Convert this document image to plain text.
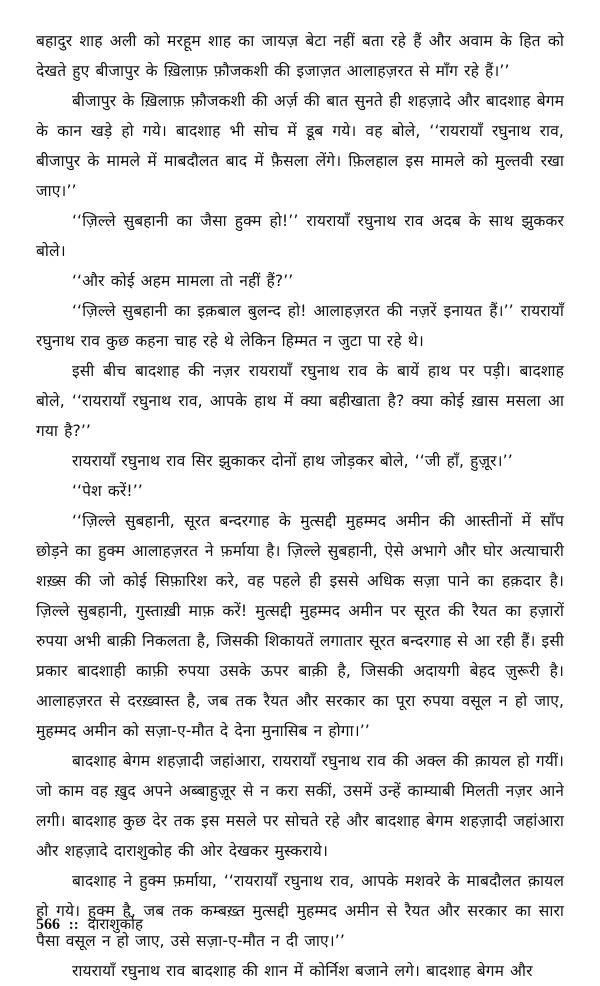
बहादुर शाह अली को मरहूम शाह का जायज़ बेटा नहीं बता रहे हैं और अवाम के हित को देखते हुए बीजापुर के ख़िलाफ़ फ़ौजकशी की इजाज़त आलाहज़रत से माँग रहे हैं।’’

बीजापुर के ख़िलाफ़ फ़ौजकशी की अर्ज़ की बात सुनते ही शहज़ादे और बादशाह बेगम के कान खड़े हो गये। बादशाह भी सोच में डूब गये। वह बोले, ‘‘रायरायाँ रघुनाथ राव, बीजापुर के मामले में माबदौलत बाद में फ़ैसला लेंगे। फ़िलहाल इस मामले को मुल्तवी रखा जाए।’’

‘‘ज़िल्ले सुबहानी का जैसा हुक्म हो!’’ रायरायाँ रघुनाथ राव अदब के साथ झुककर बोले।

‘‘और कोई अहम मामला तो नहीं हैं?’’

‘‘ज़िल्ले सुबहानी का इक़बाल बुलन्द हो! आलाहज़रत की नज़रें इनायत हैं।’’ रायरायाँ रघुनाथ राव कुछ कहना चाह रहे थे लेकिन हिम्मत न जुटा पा रहे थे।

इसी बीच बादशाह की नज़र रायरायाँ रघुनाथ राव के बायें हाथ पर पड़ी। बादशाह बोले, ‘‘रायरायाँ रघुनाथ राव, आपके हाथ में क्या बहीखाता है? क्या कोई ख़ास मसला आ गया है?’’

रायरायाँ रघुनाथ राव सिर झुकाकर दोनों हाथ जोड़कर बोले, ‘‘जी हाँ, हुज़ूर।’’

‘‘पेश करें!’’

‘‘ज़िल्ले सुबहानी, सूरत बन्दरगाह के मुत्सद्दी मुहम्मद अमीन की आस्तीनों में साँप छोड़ने का हुक्म आलाहज़रत ने फ़र्माया है। ज़िल्ले सुबहानी, ऐसे अभागे और घोर अत्याचारी शख़्स की जो कोई सिफ़ारिश करे, वह पहले ही इससे अधिक सज़ा पाने का हक़दार है। ज़िल्ले सुबहानी, गुस्ताख़ी माफ़ करें! मुत्सद्दी मुहम्मद अमीन पर सूरत की रैयत का हज़ारों रुपया अभी बाक़ी निकलता है, जिसकी शिकायतें लगातार सूरत बन्दरगाह से आ रही हैं। इसी प्रकार बादशाही काफ़ी रुपया उसके ऊपर बाक़ी है, जिसकी अदायगी बेहद ज़ुरूरी है। आलाहज़रत से दरख़्वास्त है, जब तक रैयत और सरकार का पूरा रुपया वसूल न हो जाए, मुहम्मद अमीन को सज़ा-ए-मौत दे देना मुनासिब न होगा।’’

बादशाह बेगम शहज़ादी जहांआरा, रायरायाँ रघुनाथ राव की अक्ल की क़ायल हो गयीं। जो काम वह ख़ुद अपने अब्बाहुज़ूर से न करा सकीं, उसमें उन्हें काम्याबी मिलती नज़र आने लगी। बादशाह कुछ देर तक इस मसले पर सोचते रहे और बादशाह बेगम शहज़ादी जहांआरा और शहज़ादे दाराशुकोह की ओर देखकर मुस्कराये।

बादशाह ने हुक्म फ़र्माया, ‘‘रायरायाँ रघुनाथ राव, आपके मशवरे के माबदौलत क़ायल हो गये। हुक्म है, जब तक कम्बख़्त मुत्सद्दी मुहम्मद अमीन से रैयत और सरकार का सारा पैसा वसूल न हो जाए, उसे सज़ा-ए-मौत न दी जाए।’’

रायरायाँ रघुनाथ राव बादशाह की शान में कोर्निश बजाने लगे। बादशाह बेगम और

566 :: दाराशुकोह
